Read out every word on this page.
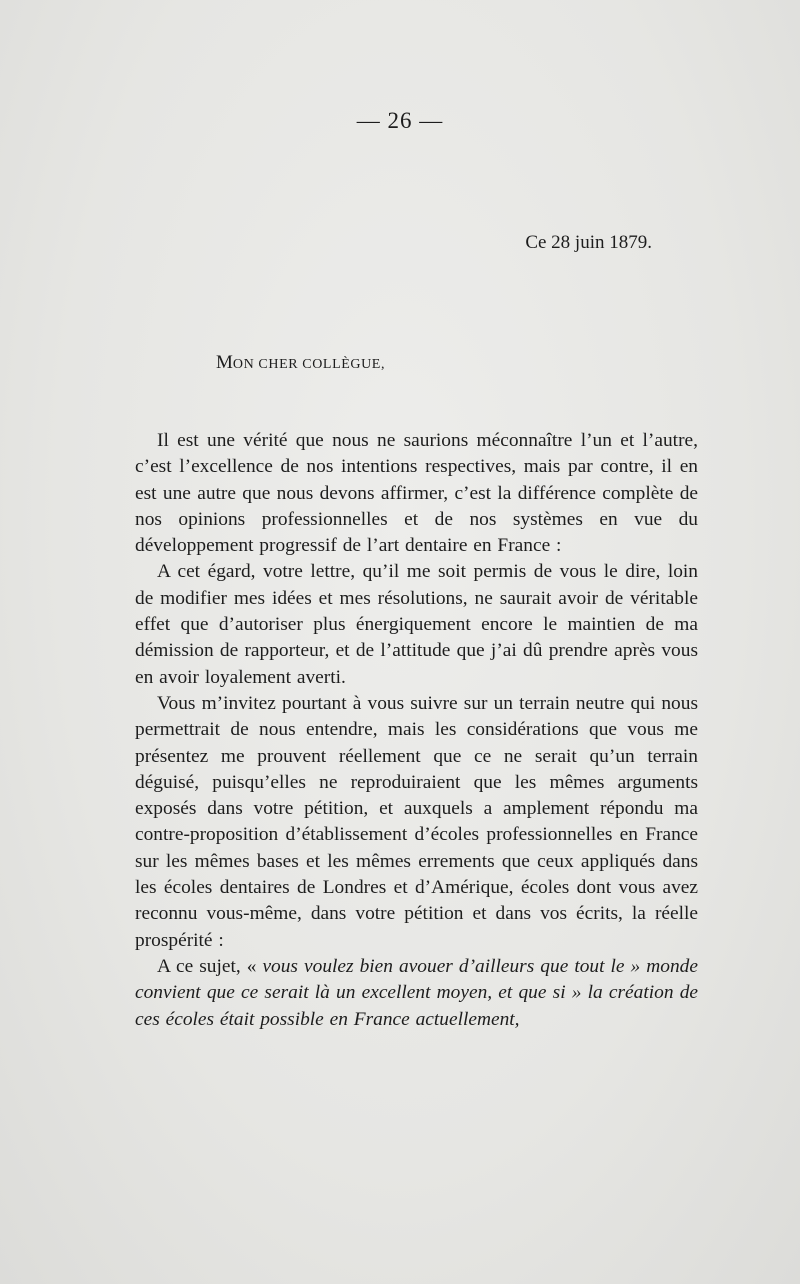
— 26 —
Ce 28 juin 1879.
MON CHER COLLÈGUE,

Il est une vérité que nous ne saurions méconnaître l’un et l’autre, c’est l’excellence de nos intentions respectives, mais par contre, il en est une autre que nous devons affirmer, c’est la différence complète de nos opinions professionnelles et de nos systèmes en vue du développement progressif de l’art dentaire en France :

A cet égard, votre lettre, qu’il me soit permis de vous le dire, loin de modifier mes idées et mes résolutions, ne saurait avoir de véritable effet que d’autoriser plus énergiquement encore le maintien de ma démission de rapporteur, et de l’attitude que j’ai dû prendre après vous en avoir loyalement averti.

Vous m’invitez pourtant à vous suivre sur un terrain neutre qui nous permettrait de nous entendre, mais les considérations que vous me présentez me prouvent réellement que ce ne serait qu’un terrain déguisé, puisqu’elles ne reproduiraient que les mêmes arguments exposés dans votre pétition, et auxquels a amplement répondu ma contre-proposition d’établissement d’écoles professionnelles en France sur les mêmes bases et les mêmes errements que ceux appliqués dans les écoles dentaires de Londres et d’Amérique, écoles dont vous avez reconnu vous-même, dans votre pétition et dans vos écrits, la réelle prospérité :

A ce sujet, « vous voulez bien avouer d’ailleurs que tout le » monde convient que ce serait là un excellent moyen, et que si » la création de ces écoles était possible en France actuellement,
